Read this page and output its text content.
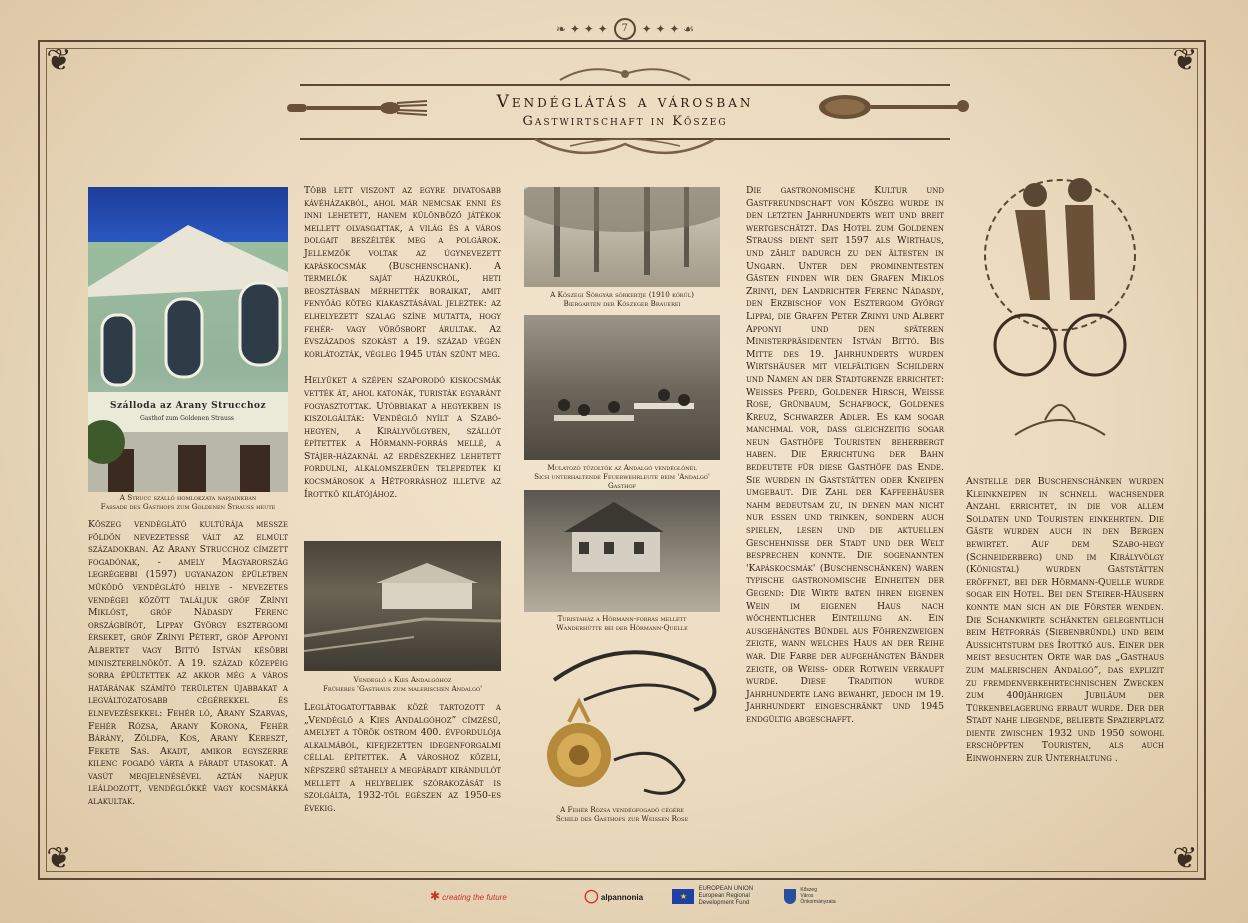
❦	❦
❦	❦
❧ ✦ ✦ ✦	7	✦ ✦ ✦ ☙
Vendéglátás a városban
Gastwirtschaft in Kőszeg
Szálloda az Arany Strucchoz
Gasthof zum Goldenen Strauss
A Strucc szálló homlokzata napjainkban
Fassade des Gasthofs zum Goldenen Strauss heute
Kőszeg vendéglátó kultúrája messze földön nevezetessé vált az elmúlt századokban. Az Arany Strucchoz címzett fogadónak, - amely Magyarország legrégebbi (1597) ugyanazon épületben működő vendéglátó helye - nevezetes vendégei között találjuk gróf Zrínyi Miklóst, gróf Nádasdy Ferenc országbírót, Lippay György esztergomi érseket, gróf Zrínyi Pétert, gróf Apponyi Albertet vagy Bittó István későbbi miniszterelnököt. A 19. század közepéig sorra épültettek az akkor még a város határának számító területen újabbakat a legváltozatosabb cégérekkel és elnevezésekkel: Fehér ló, Arany Szarvas, Fehér Rózsa, Arany Korona, Fehér Bárány, Zöldfa, Kos, Arany Kereszt, Fekete Sas. Akadt, amikor egyszerre kilenc fogadó várta a fáradt utasokat. A vasút megjelenésével aztán napjuk leáldozott, vendéglőkké vagy kocsmákká alakultak.

Több lett viszont az egyre divatosabb kávéházakból, ahol már nemcsak enni és inni lehetett, hanem különböző játékok mellett olvasgattak, a világ és a város dolgait beszélték meg a polgárok. Jellemzők voltak az úgynevezett kapáskocsmák (Buschenschank). A termelők saját házukról, heti beosztásban mérhették boraikat, amit fenyőág köteg kiakasztásával jeleztek: az elhelyezett szalag színe mutatta, hogy fehér- vagy vörösbort árultak. Az évszázados szokást a 19. század végén korlátozták, végleg 1945 után szűnt meg.

Helyüket a szépen szaporodó kiskocsmák vették át, ahol katonák, turisták egyaránt fogyasztottak. Utóbbiakat a hegyekben is kiszolgálták: Vendéglő nyílt a Szabó-hegyen, a Királyvölgyben, szállót építettek a Hörmann-forrás mellé, a Stájer-házaknál az erdészekhez lehetett fordulni, alkalomszerűen telepedtek ki kocsmárosok a Hétforráshoz illetve az Írottkő kilátójához.

Vendéglő a Kies Andalgóhoz
Früheres 'Gasthaus zum malerischen Andalgó'
Leglátogatottabbak közé tartozott a „Vendéglő a Kies Andalgóhoz” címzésű, amelyet a török ostrom 400. évfordulója alkalmából, kifejezetten idegenforgalmi céllal építettek. A városhoz közeli, népszerű sétahely a megfáradt kirándulót mellett a helybeliek szórakozását is szolgálta, 1932-től egészen az 1950-es évekig.
A Kőszegi Sörgyár sörkertje (1910 körül)
Biergarten der Kőszeger Brauerei
Mulatozó tűzoltók az Andalgó vendéglőnél
Sich unterhaltende Feuerwehrleute beim 'Andalgó' Gasthof
Turistaház a Hörmann-forrás mellett
Wanderhütte bei der Hörmann-Quelle
A Fehér Rózsa vendégfogadó cégére
Schild des Gasthofs zur Weissen Rose
Die gastronomische Kultur und Gastfreundschaft von Kőszeg wurde in den letzten Jahrhunderts weit und breit wertgeschätzt. Das Hotel zum Goldenen Strauss dient seit 1597 als Wirthaus, und zählt dadurch zu den ältesten in Ungarn. Unter den prominentesten Gästen finden wir den Grafen Miklos Zrinyi, den Landrichter Ferenc Nádasdy, den Erzbischof von Esztergom György Lippai, die Grafen Peter Zrinyi und Albert Apponyi und den späteren Ministerpräsidenten István Bittó. Bis Mitte des 19. Jahrhunderts wurden Wirtshäuser mit vielfältigen Schildern und Namen an der Stadtgrenze errichtet: Weisses Pferd, Goldener Hirsch, Weisse Rose, Grünbaum, Schafbock, Goldenes Kreuz, Schwarzer Adler. Es kam sogar manchmal vor, dass gleichzeitig sogar neun Gasthöfe Touristen beherbergt haben. Die Errichtung der Bahn bedeutete für diese Gasthöfe das Ende. Sie wurden in Gaststätten oder Kneipen umgebaut. Die Zahl der Kaffeehäuser nahm bedeutsam zu, in denen man nicht nur essen und trinken, sondern auch spielen, lesen und die aktuellen Geschehnisse der Stadt und der Welt besprechen konnte. Die sogenannten 'Kapáskocsmák' (Buschenschänken) waren typische gastronomische Einheiten der Gegend: Die Wirte baten ihren eigenen Wein im eigenen Haus nach wöchentlicher Einteilung an. Ein ausgehängtes Bündel aus Föhrenzweigen zeigte, wann welches Haus an der Reihe war. Die Farbe der aufgehängten Bänder zeigte, ob Weiss- oder Rotwein verkauft wurde. Diese Tradition wurde Jahrhunderte lang bewahrt, jedoch im 19. Jahrhundert eingeschränkt und 1945 endgültig abgeschafft.
Anstelle der Buschenschänken wurden Kleinkneipen in schnell wachsender Anzahl errichtet, in die vor allem Soldaten und Touristen einkehrten. Die Gäste wurden auch in den Bergen bewirtet. Auf dem Szabo-hegy (Schneiderberg) und im Királyvölgy (Königstal) wurden Gaststätten eröffnet, bei der Hörmann-Quelle wurde sogar ein Hotel. Bei den Steirer-Häusern konnte man sich an die Förster wenden. Die Schankwirte schänkten gelegentlich beim Hétforrás (Siebenbründl) und beim Aussichtsturm des Írottkő aus. Einer der meist besuchten Orte war das „Gasthaus zum malerischen Andalgó”, das explizit zu fremdenverkehrtechnischen Zwecken zum 400jährigen Jubiläum der Türkenbelagerung erbaut wurde. Der der Stadt nahe liegende, beliebte Spazierplatz diente zwischen 1932 und 1950 sowohl erschöpften Touristen, als auch Einwohnern zur Unterhaltung .
✱ creating the future	◯ alpannonia	★
EUROPEAN UNION
European Regional
Development Fund
Kőszeg
Város
Önkormányzata
